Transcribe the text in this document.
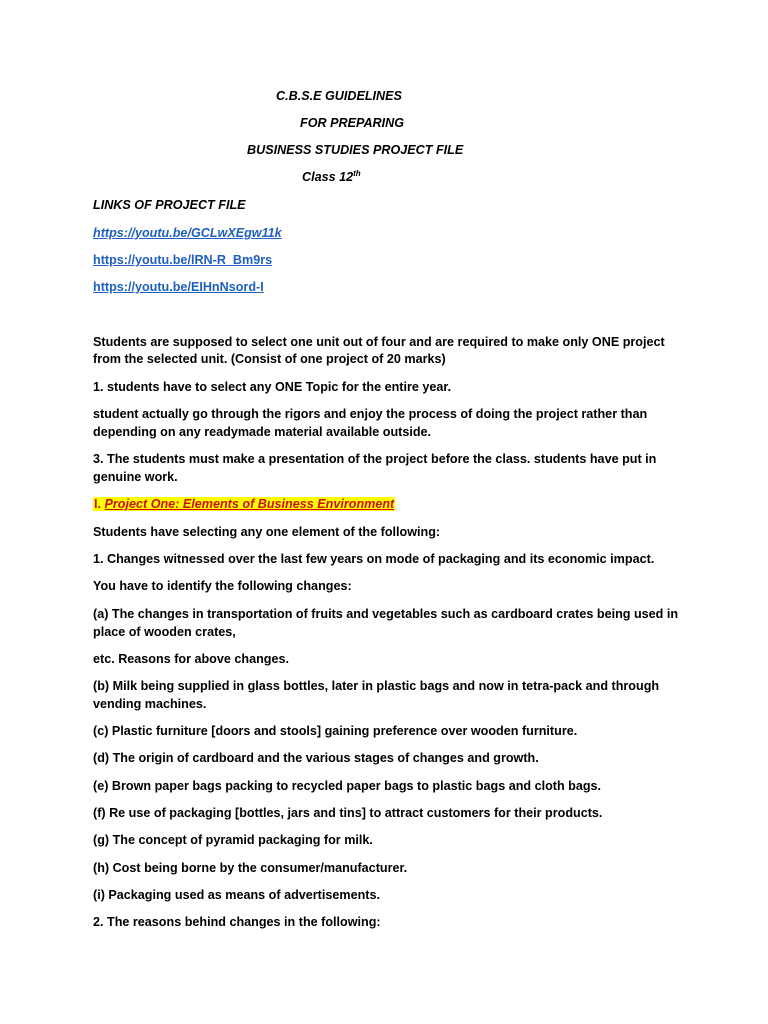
C.B.S.E GUIDELINES

FOR PREPARING

BUSINESS STUDIES PROJECT FILE

Class 12th

LINKS OF PROJECT FILE

https://youtu.be/GCLwXEgw11k

https://youtu.be/lRN-R_Bm9rs

https://youtu.be/EIHnNsord-I

Students are supposed to select one unit out of four and are required to make only ONE project

from the selected unit. (Consist of one project of 20 marks)

1. students have to select any ONE Topic for the entire year.

student actually go through the rigors and enjoy the process of doing the project rather than

depending on any readymade material available outside.

3. The students must make a presentation of the project before the class. students have put in

genuine work.

I. Project One: Elements of Business Environment

Students have selecting any one element of the following:

1. Changes witnessed over the last few years on mode of packaging and its economic impact.

You have to identify the following changes:

(a) The changes in transportation of fruits and vegetables such as cardboard crates being used in

place of wooden crates,

etc. Reasons for above changes.

(b) Milk being supplied in glass bottles, later in plastic bags and now in tetra-pack and through

vending machines.

(c) Plastic furniture [doors and stools] gaining preference over wooden furniture.

(d) The origin of cardboard and the various stages of changes and growth.

(e) Brown paper bags packing to recycled paper bags to plastic bags and cloth bags.

(f) Re use of packaging [bottles, jars and tins] to attract customers for their products.

(g) The concept of pyramid packaging for milk.

(h) Cost being borne by the consumer/manufacturer.

(i) Packaging used as means of advertisements.

2. The reasons behind changes in the following:
